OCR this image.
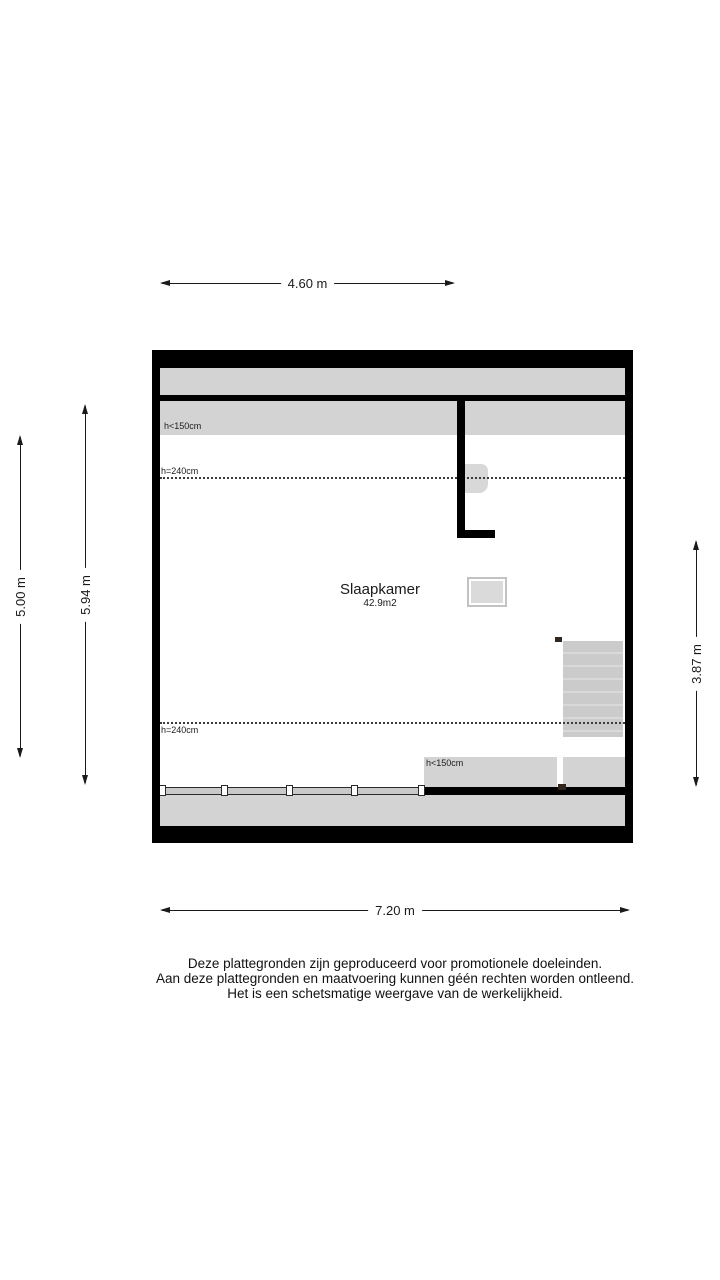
h<150cm
h=240cm
h=240cm
h<150cm
Slaapkamer
42.9m2
4.60 m
7.20 m
5.00 m	5.94 m
3.87 m
Deze plattegronden zijn geproduceerd voor promotionele doeleinden.
Aan deze plattegronden en maatvoering kunnen géén rechten worden ontleend.
Het is een schetsmatige weergave van de werkelijkheid.
